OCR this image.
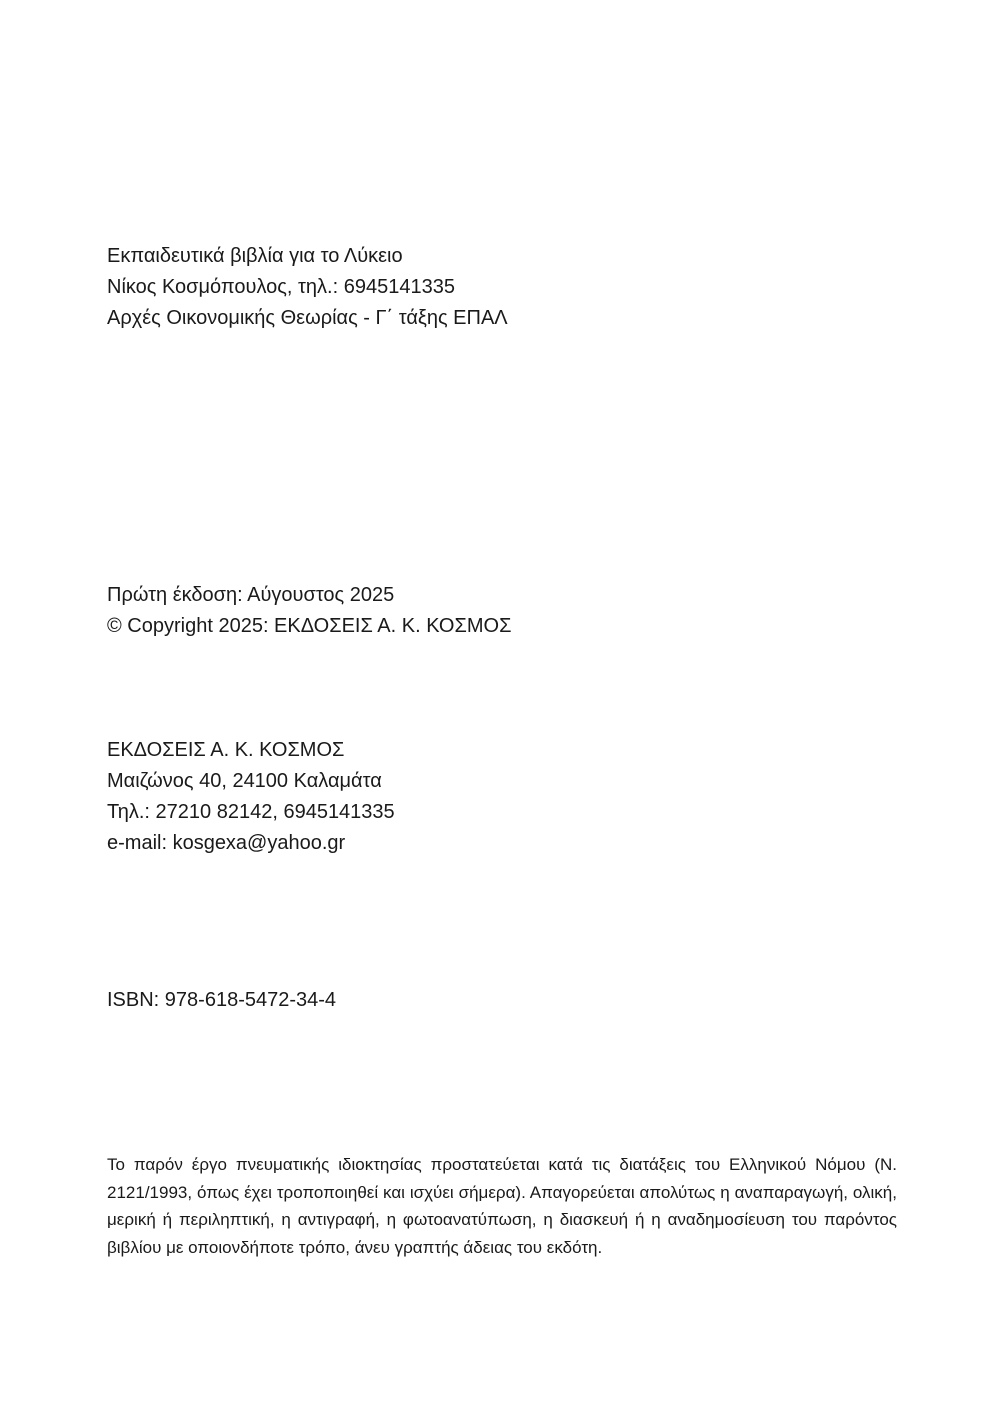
Εκπαιδευτικά βιβλία για το Λύκειο
Νίκος Κοσμόπουλος, τηλ.: 6945141335
Αρχές Οικονομικής Θεωρίας - Γ΄ τάξης ΕΠΑΛ
Πρώτη έκδοση: Αύγουστος 2025
© Copyright 2025: ΕΚΔΟΣΕΙΣ Α. Κ. ΚΟΣΜΟΣ
ΕΚΔΟΣΕΙΣ Α. Κ. ΚΟΣΜΟΣ
Μαιζώνος 40, 24100 Καλαμάτα
Τηλ.: 27210 82142, 6945141335
e-mail: kosgexa@yahoo.gr
ISBN: 978-618-5472-34-4

Το παρόν έργο πνευματικής ιδιοκτησίας προστατεύεται κατά τις διατάξεις του Ελληνικού Νόμου (Ν. 2121/1993, όπως έχει τροποποιηθεί και ισχύει σήμερα). Απαγορεύεται απολύτως η αναπαραγωγή, ολική, μερική ή περιληπτική, η αντιγραφή, η φωτοανατύπωση, η διασκευή ή η αναδημοσίευση του παρόντος βιβλίου με οποιονδήποτε τρόπο, άνευ γραπτής άδειας του εκδότη.
